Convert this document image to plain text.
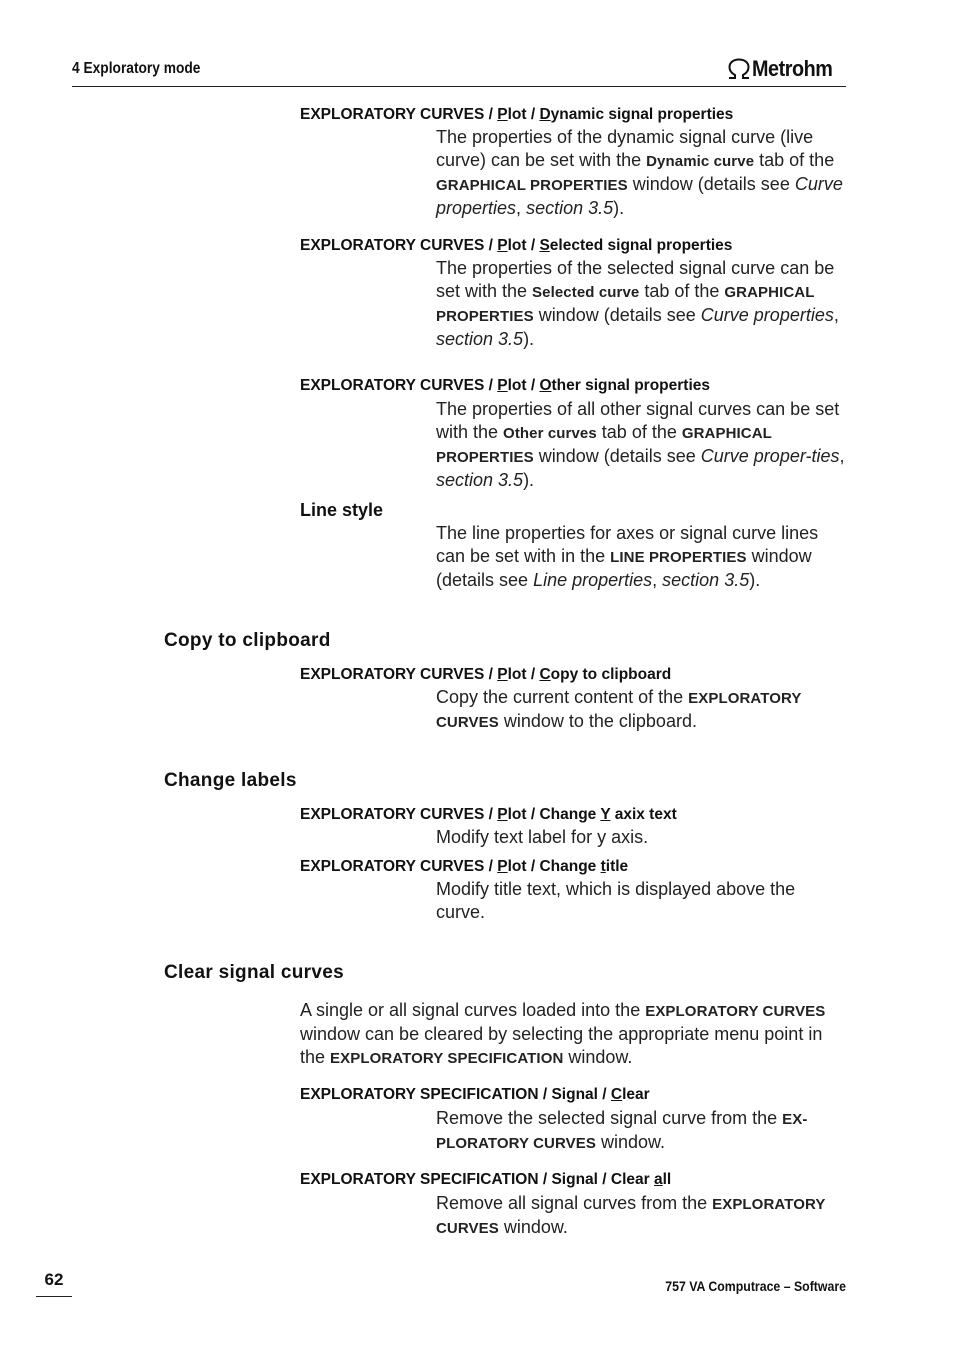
4 Exploratory mode	Metrohm
EXPLORATORY CURVES / Plot / Dynamic signal properties
The properties of the dynamic signal curve (live curve) can be set with the Dynamic curve tab of the GRAPHICAL PROPERTIES window (details see Curve properties, section 3.5).
EXPLORATORY CURVES / Plot / Selected signal properties
The properties of the selected signal curve can be set with the Selected curve tab of the GRAPHICAL PROPERTIES window (details see Curve properties, section 3.5).
EXPLORATORY CURVES / Plot / Other signal properties
The properties of all other signal curves can be set with the Other curves tab of the GRAPHICAL PROPERTIES window (details see Curve proper-ties, section 3.5).
Line style
The line properties for axes or signal curve lines can be set with in the LINE PROPERTIES window (details see Line properties, section 3.5).
Copy to clipboard
EXPLORATORY CURVES / Plot / Copy to clipboard
Copy the current content of the EXPLORATORY CURVES window to the clipboard.
Change labels
EXPLORATORY CURVES / Plot / Change Y axix text
Modify text label for y axis.
EXPLORATORY CURVES / Plot / Change title
Modify title text, which is displayed above the curve.
Clear signal curves
A single or all signal curves loaded into the EXPLORATORY CURVES window can be cleared by selecting the appropriate menu point in the EXPLORATORY SPECIFICATION window.
EXPLORATORY SPECIFICATION / Signal / Clear
Remove the selected signal curve from the EX-PLORATORY CURVES window.
EXPLORATORY SPECIFICATION / Signal / Clear all
Remove all signal curves from the EXPLORATORY CURVES window.
62	757 VA Computrace – Software
